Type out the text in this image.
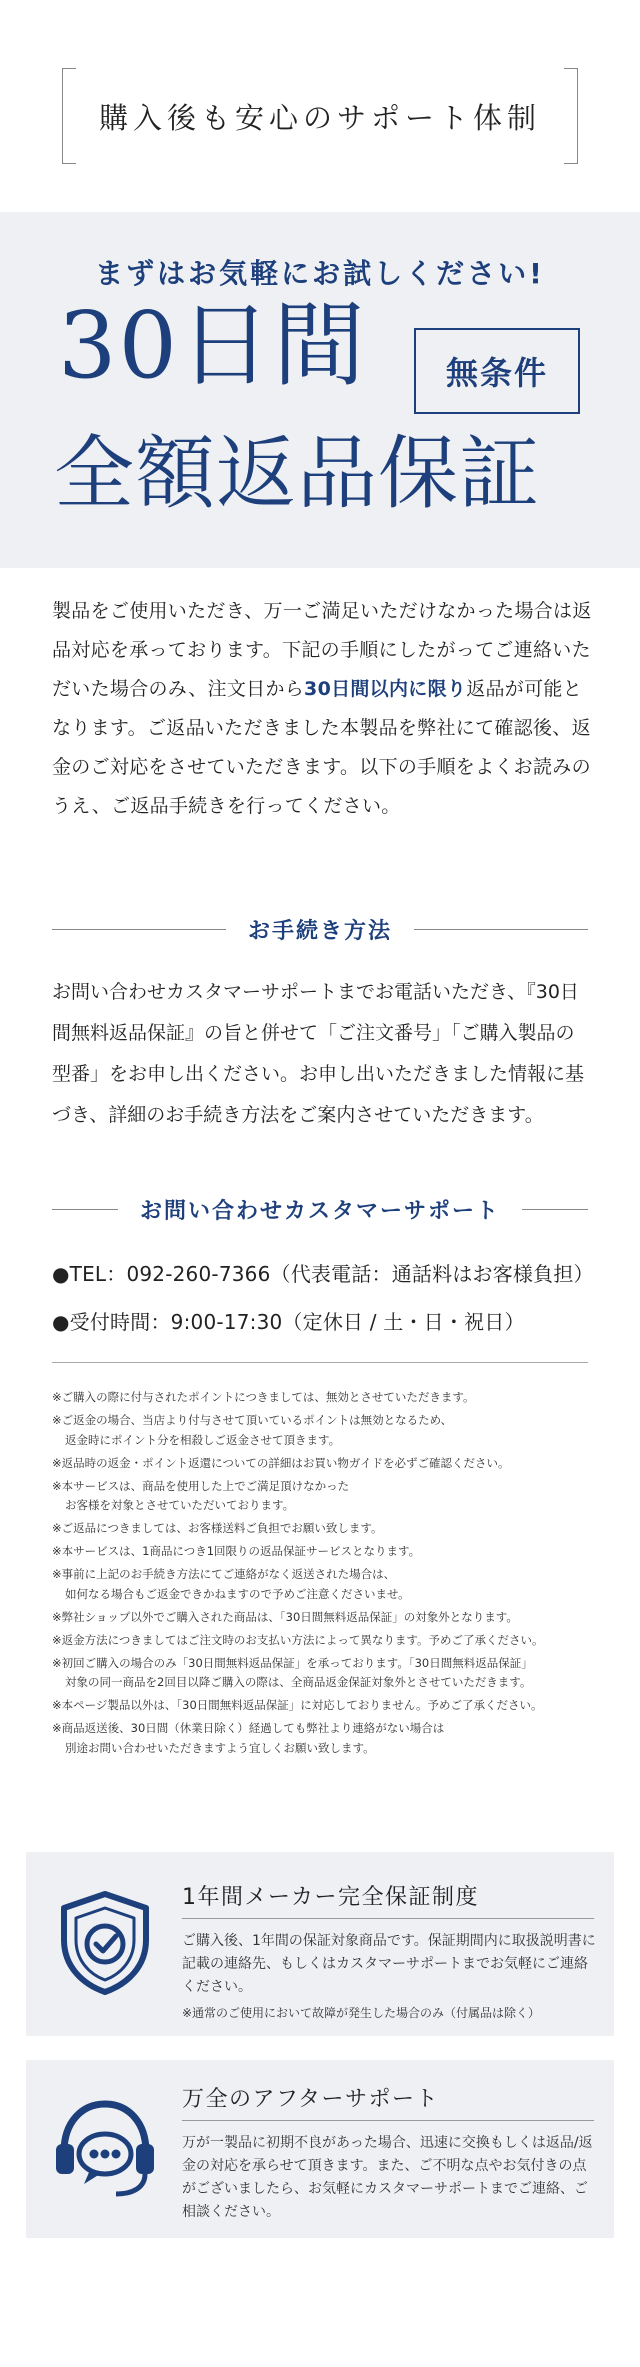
購入後も安心のサポート体制
まずはお気軽にお試しください!
30日間	無条件
全額返品保証

製品をご使用いただき、万一ご満足いただけなかった場合は返品対応を承っております。下記の手順にしたがってご連絡いただいた場合のみ、注文日から30日間以内に限り返品が可能となります。ご返品いただきました本製品を弊社にて確認後、返金のご対応をさせていただきます。以下の手順をよくお読みのうえ、ご返品手続きを行ってください。

お手続き方法

お問い合わせカスタマーサポートまでお電話いただき、『30日間無料返品保証』の旨と併せて「ご注文番号」「ご購入製品の型番」をお申し出ください。お申し出いただきました情報に基づき、詳細のお手続き方法をご案内させていただきます。

お問い合わせカスタマーサポート
●TEL：092-260-7366（代表電話：通話料はお客様負担）
●受付時間：9:00-17:30（定休日 / 土・日・祝日）

※ご購入の際に付与されたポイントにつきましては、無効とさせていただきます。

※ご返金の場合、当店より付与させて頂いているポイントは無効となるため、
返金時にポイント分を相殺しご返金させて頂きます。

※返品時の返金・ポイント返還についての詳細はお買い物ガイドを必ずご確認ください。

※本サービスは、商品を使用した上でご満足頂けなかった
お客様を対象とさせていただいております。

※ご返品につきましては、お客様送料ご負担でお願い致します。

※本サービスは、1商品につき1回限りの返品保証サービスとなります。

※事前に上記のお手続き方法にてご連絡がなく返送された場合は、
如何なる場合もご返金できかねますので予めご注意くださいませ。

※弊社ショップ以外でご購入された商品は、「30日間無料返品保証」の対象外となります。

※返金方法につきましてはご注文時のお支払い方法によって異なります。予めご了承ください。

※初回ご購入の場合のみ「30日間無料返品保証」を承っております。「30日間無料返品保証」
対象の同一商品を2回目以降ご購入の際は、全商品返金保証対象外とさせていただきます。

※本ページ製品以外は、「30日間無料返品保証」に対応しておりません。予めご了承ください。

※商品返送後、30日間（休業日除く）経過しても弊社より連絡がない場合は
別途お問い合わせいただきますよう宜しくお願い致します。

1年間メーカー完全保証制度

ご購入後、1年間の保証対象商品です。保証期間内に取扱説明書に記載の連絡先、もしくはカスタマーサポートまでお気軽にご連絡ください。

※通常のご使用において故障が発生した場合のみ（付属品は除く）

万全のアフターサポート

万が一製品に初期不良があった場合、迅速に交換もしくは返品/返金の対応を承らせて頂きます。また、ご不明な点やお気付きの点がございましたら、お気軽にカスタマーサポートまでご連絡、ご相談ください。
